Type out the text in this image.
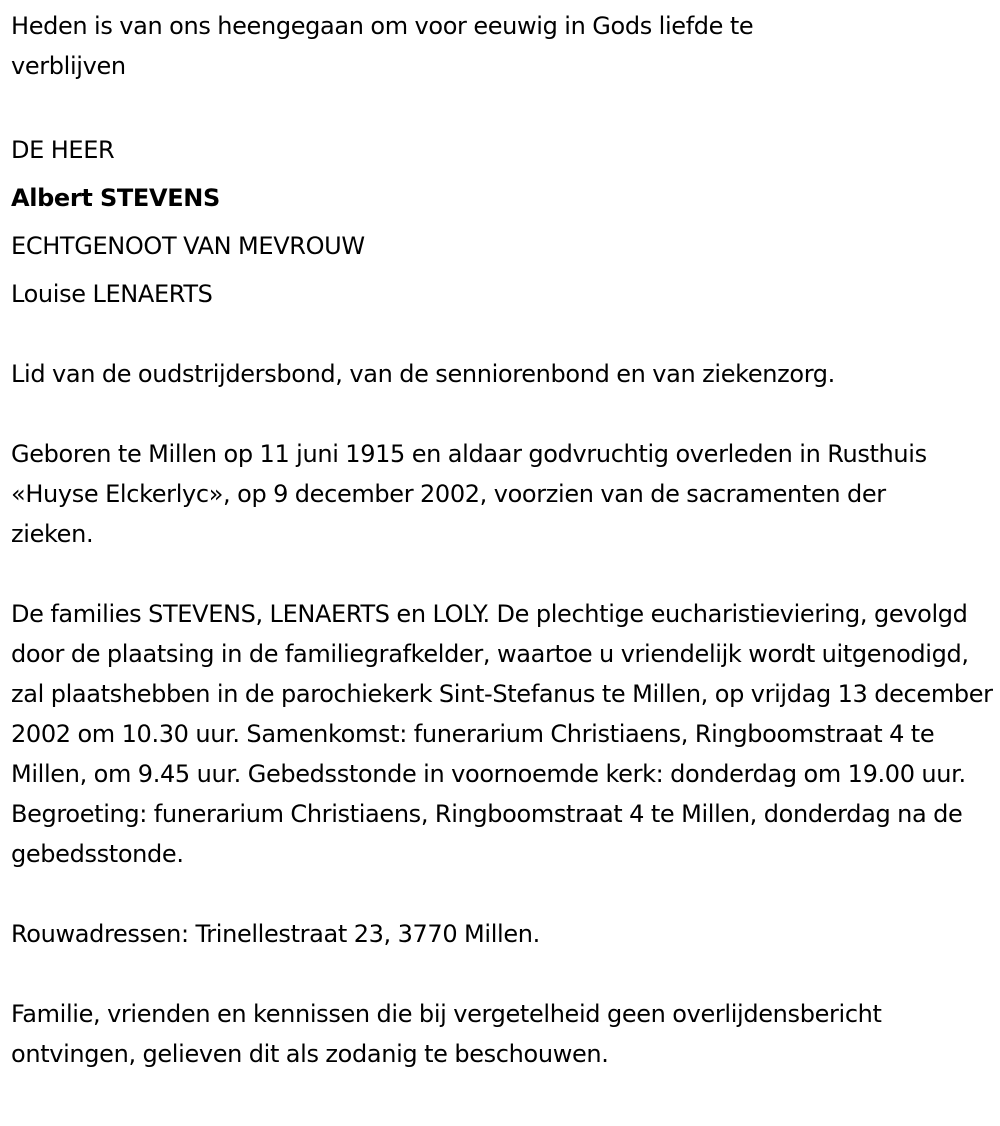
Heden is van ons heengegaan om voor eeuwig in Gods liefde te verblijven

DE HEER
Albert STEVENS
ECHTGENOOT VAN MEVROUW
Louise LENAERTS

Lid van de oudstrijdersbond, van de senniorenbond en van ziekenzorg.

Geboren te Millen op 11 juni 1915 en aldaar godvruchtig overleden in Rusthuis «Huyse Elckerlyc», op 9 december 2002, voorzien van de sacramenten der zieken.

De families STEVENS, LENAERTS en LOLY. De plechtige eucharistieviering, gevolgd door de plaatsing in de familiegrafkelder, waartoe u vriendelijk wordt uitgenodigd, zal plaatshebben in de parochiekerk Sint-Stefanus te Millen, op vrijdag 13 december 2002 om 10.30 uur. Samenkomst: funerarium Christiaens, Ringboomstraat 4 te Millen, om 9.45 uur. Gebedsstonde in voornoemde kerk: donderdag om 19.00 uur. Begroeting: funerarium Christiaens, Ringboomstraat 4 te Millen, donderdag na de gebedsstonde.

Rouwadressen: Trinellestraat 23, 3770 Millen.

Familie, vrienden en kennissen die bij vergetelheid geen overlijdensbericht ontvingen, gelieven dit als zodanig te beschouwen.
